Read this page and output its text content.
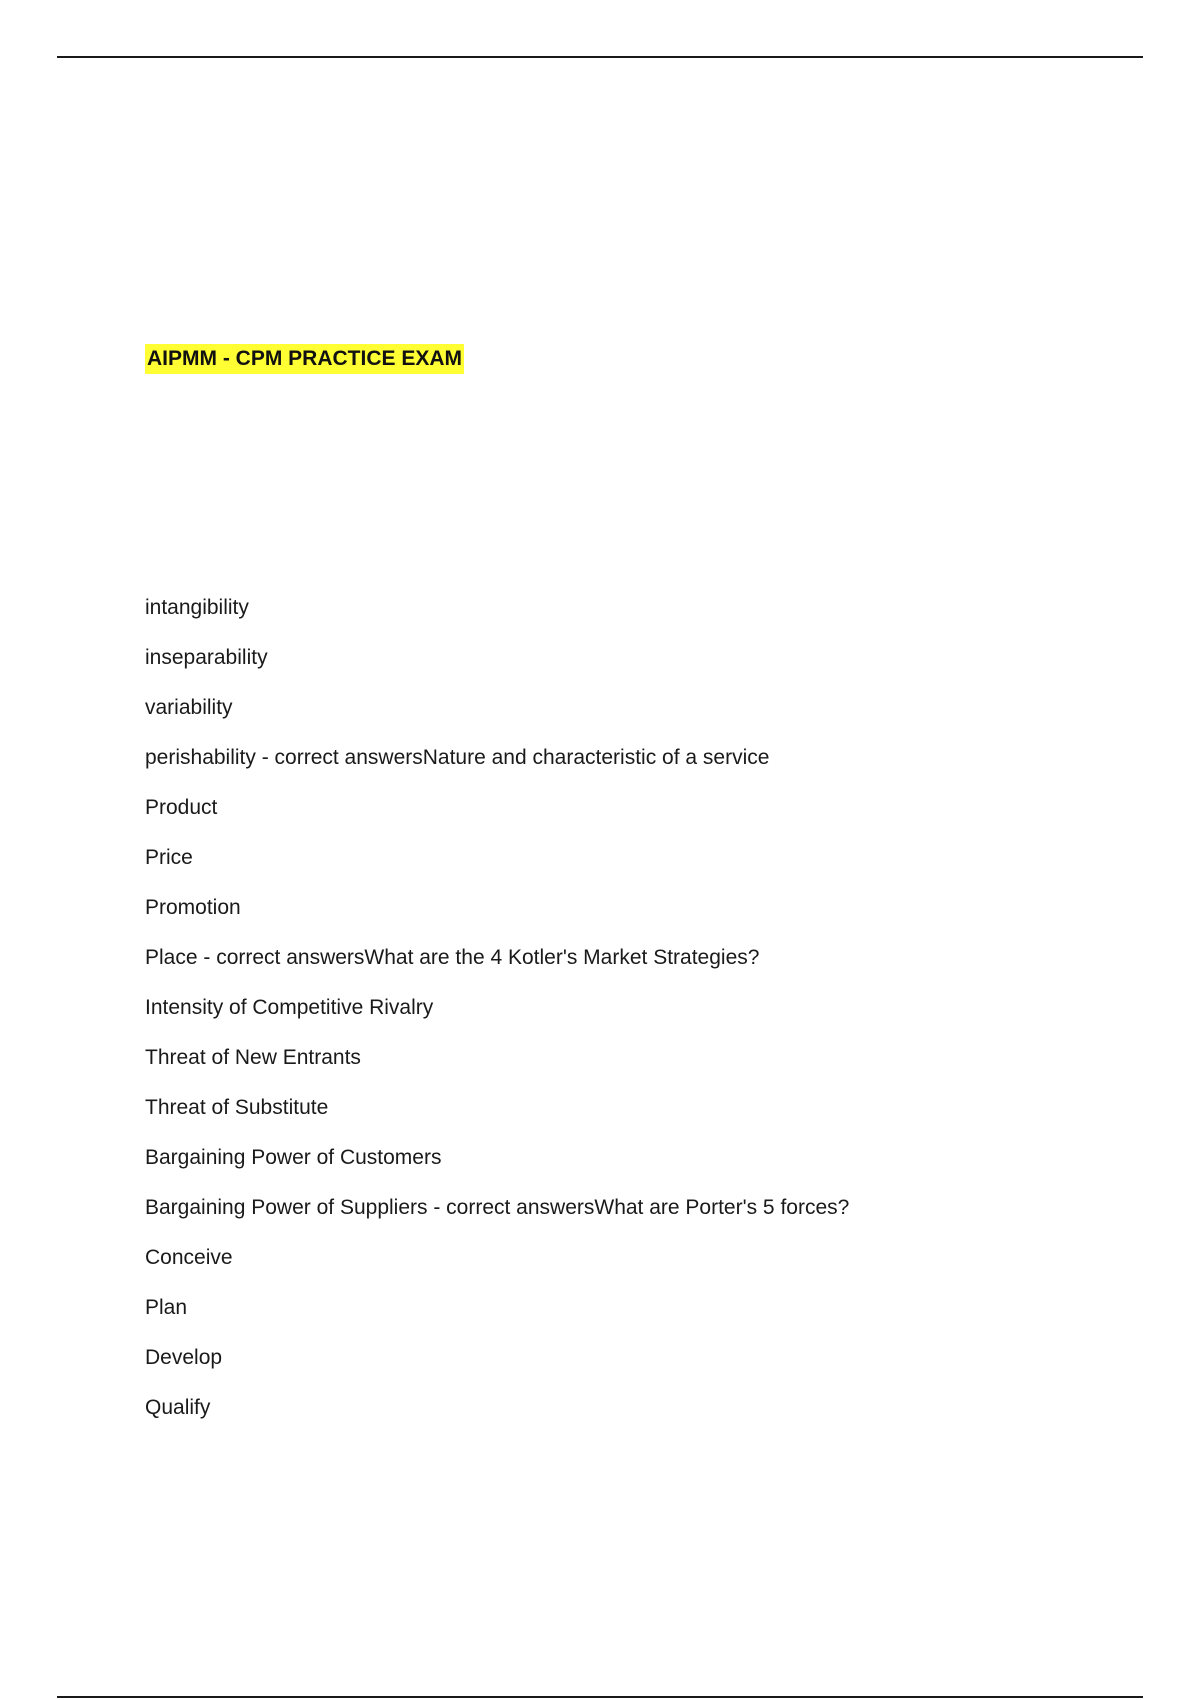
AIPMM - CPM PRACTICE EXAM
intangibility
inseparability
variability
perishability - correct answersNature and characteristic of a service
Product
Price
Promotion
Place - correct answersWhat are the 4 Kotler's Market Strategies?
Intensity of Competitive Rivalry
Threat of New Entrants
Threat of Substitute
Bargaining Power of Customers
Bargaining Power of Suppliers - correct answersWhat are Porter's 5 forces?
Conceive
Plan
Develop
Qualify
